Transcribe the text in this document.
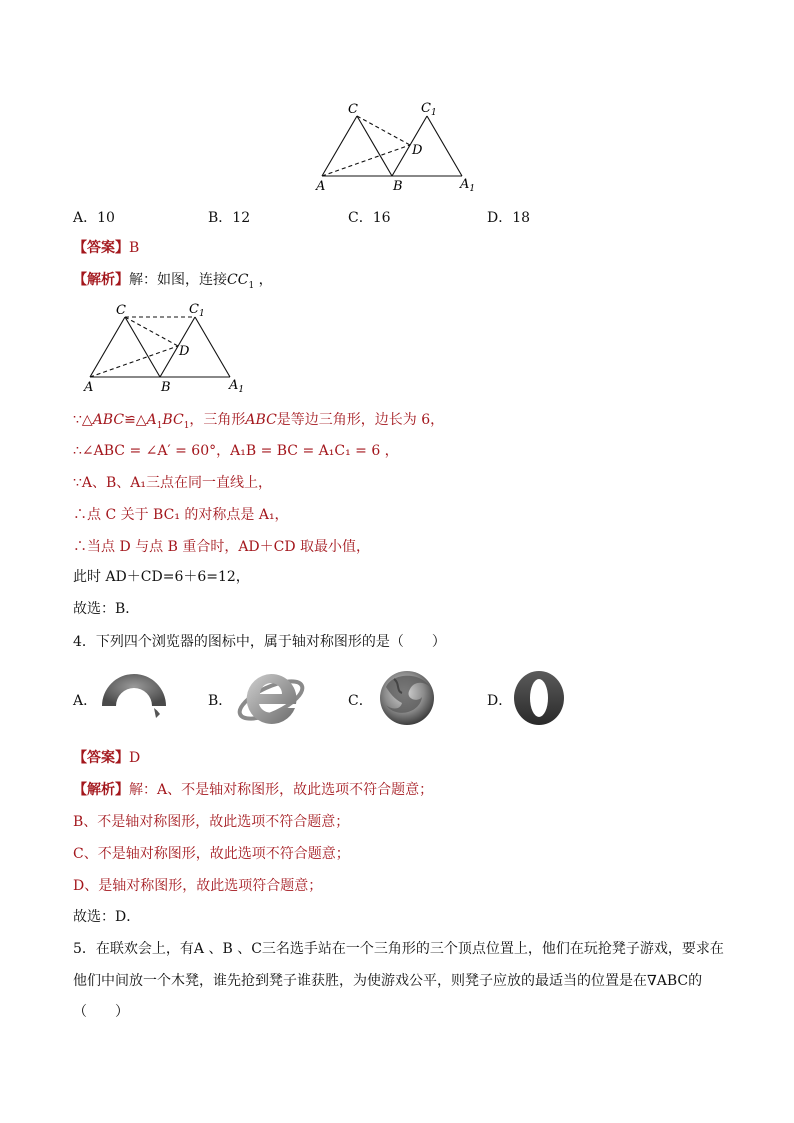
C	$C_1$
D
A	B	$A_1$
A．10	B．12	C．16	D．18
【答案】B
【解析】解：如图，连接$CC_1$ ，
C	$C_1$
D
A	B	$A_1$
$\because\triangle ABC≌\triangle A_1BC_1$，三角形ABC是等边三角形，边长为 6，
∴∠ABC = ∠A′ = 60°，A₁B = BC = A₁C₁ = 6 ，
∵A、B、A₁三点在同一直线上，
∴点 C 关于 BC₁ 的对称点是 A₁，
∴当点 D 与点 B 重合时，AD＋CD 取最小值，
此时 AD＋CD=6＋6=12，
故选：B．
4．下列四个浏览器的图标中，属于轴对称图形的是（　　）
A．	B．	C．	D．
【答案】D
【解析】解：A、不是轴对称图形，故此选项不符合题意；
B、不是轴对称图形，故此选项不符合题意；
C、不是轴对称图形，故此选项不符合题意；
D、是轴对称图形，故此选项符合题意；
故选：D．
5．在联欢会上，有A 、B 、C三名选手站在一个三角形的三个顶点位置上，他们在玩抢凳子游戏，要求在
他们中间放一个木凳，谁先抢到凳子谁获胜，为使游戏公平，则凳子应放的最适当的位置是在∇ABC的
（　　）
